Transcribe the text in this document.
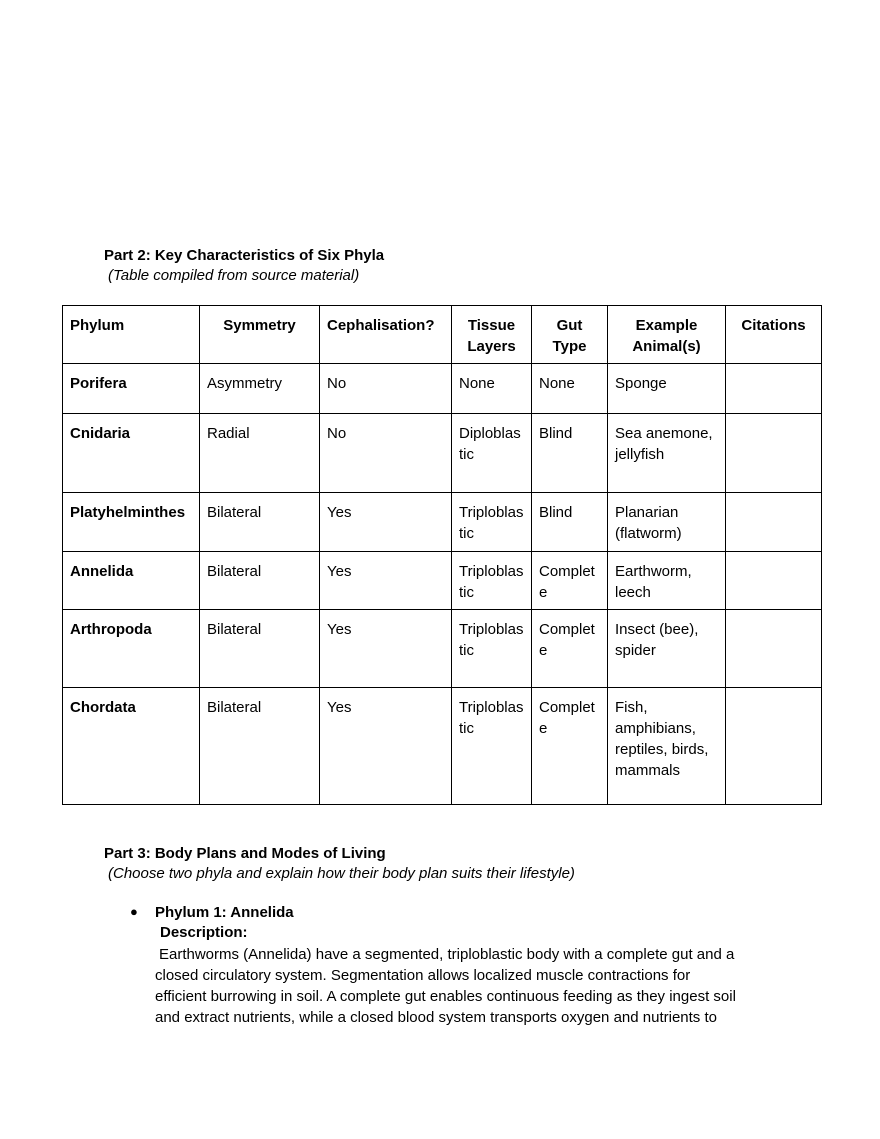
Part 2: Key Characteristics of Six Phyla
(Table compiled from source material)
Phylum	Symmetry	Cephalisation?	Tissue Layers	Gut Type	Example Animal(s)	Citations
Porifera	Asymmetry	No	None	None	Sponge	
Cnidaria	Radial	No	Diploblastic	Blind	Sea anemone, jellyfish	
Platyhelminthes	Bilateral	Yes	Triploblastic	Blind	Planarian (flatworm)	
Annelida	Bilateral	Yes	Triploblastic	Complete	Earthworm, leech	
Arthropoda	Bilateral	Yes	Triploblastic	Complete	Insect (bee), spider	
Chordata	Bilateral	Yes	Triploblastic	Complete	Fish, amphibians, reptiles, birds, mammals	
Part 3: Body Plans and Modes of Living
(Choose two phyla and explain how their body plan suits their lifestyle)
● Phylum 1: Annelida
Description:
Earthworms (Annelida) have a segmented, triploblastic body with a complete gut and a
closed circulatory system. Segmentation allows localized muscle contractions for
efficient burrowing in soil. A complete gut enables continuous feeding as they ingest soil
and extract nutrients, while a closed blood system transports oxygen and nutrients to
